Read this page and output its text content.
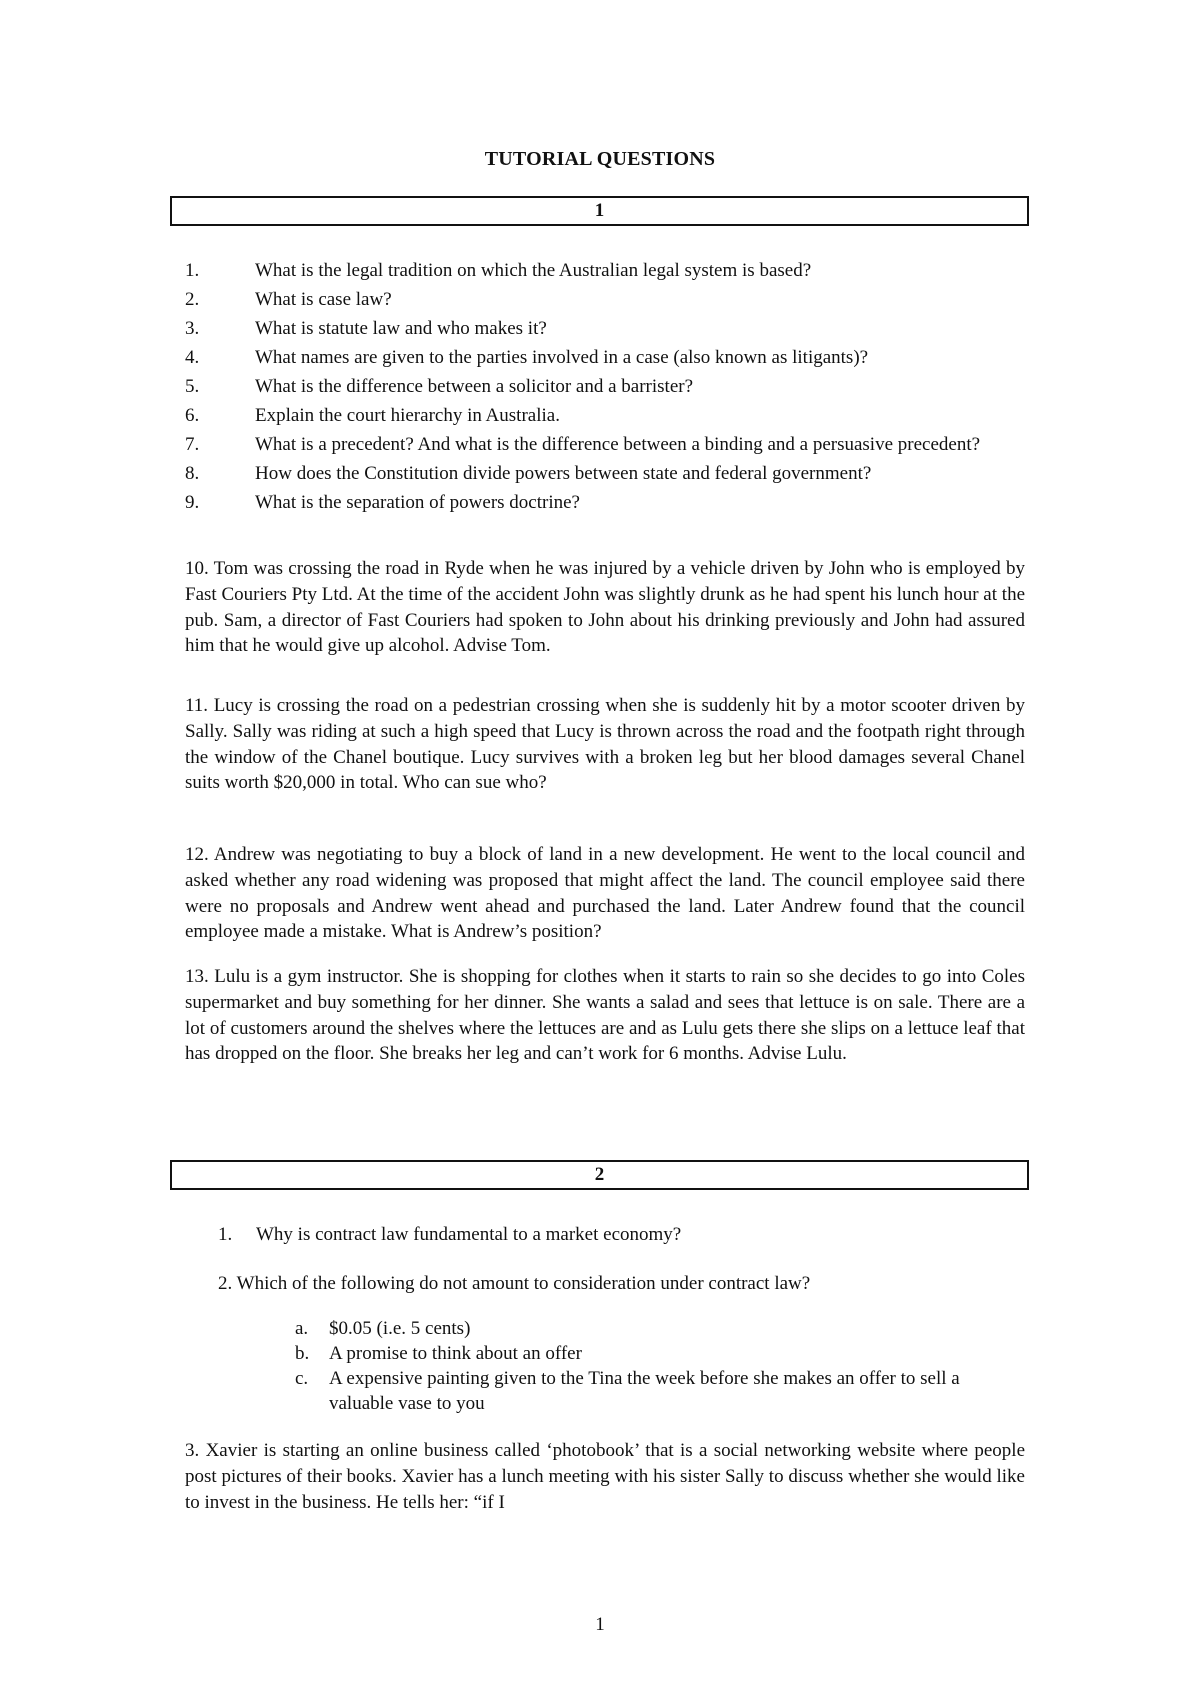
TUTORIAL QUESTIONS
1
1.	What is the legal tradition on which the Australian legal system is based?
2.	What is case law?
3.	What is statute law and who makes it?
4.	What names are given to the parties involved in a case (also known as litigants)?
5.	What is the difference between a solicitor and a barrister?
6.	Explain the court hierarchy in Australia.
7.	What is a precedent? And what is the difference between a binding and a persuasive precedent?
8.	How does the Constitution divide powers between state and federal government?
9.	What is the separation of powers doctrine?

10. Tom was crossing the road in Ryde when he was injured by a vehicle driven by John who is employed by Fast Couriers Pty Ltd. At the time of the accident John was slightly drunk as he had spent his lunch hour at the pub. Sam, a director of Fast Couriers had spoken to John about his drinking previously and John had assured him that he would give up alcohol. Advise Tom.

11. Lucy is crossing the road on a pedestrian crossing when she is suddenly hit by a motor scooter driven by Sally. Sally was riding at such a high speed that Lucy is thrown across the road and the footpath right through the window of the Chanel boutique. Lucy survives with a broken leg but her blood damages several Chanel suits worth $20,000 in total. Who can sue who?

12. Andrew was negotiating to buy a block of land in a new development. He went to the local council and asked whether any road widening was proposed that might affect the land. The council employee said there were no proposals and Andrew went ahead and purchased the land. Later Andrew found that the council employee made a mistake. What is Andrew’s position?

13. Lulu is a gym instructor. She is shopping for clothes when it starts to rain so she decides to go into Coles supermarket and buy something for her dinner. She wants a salad and sees that lettuce is on sale. There are a lot of customers around the shelves where the lettuces are and as Lulu gets there she slips on a lettuce leaf that has dropped on the floor. She breaks her leg and can’t work for 6 months. Advise Lulu.

2
1.	Why is contract law fundamental to a market economy?

2. Which of the following do not amount to consideration under contract law?

a.	$0.05 (i.e. 5 cents)
b.	A promise to think about an offer
c.	A expensive painting given to the Tina the week before she makes an offer to sell a valuable vase to you

3. Xavier is starting an online business called ‘photobook’ that is a social networking website where people post pictures of their books. Xavier has a lunch meeting with his sister Sally to discuss whether she would like to invest in the business. He tells her: “if I

1
